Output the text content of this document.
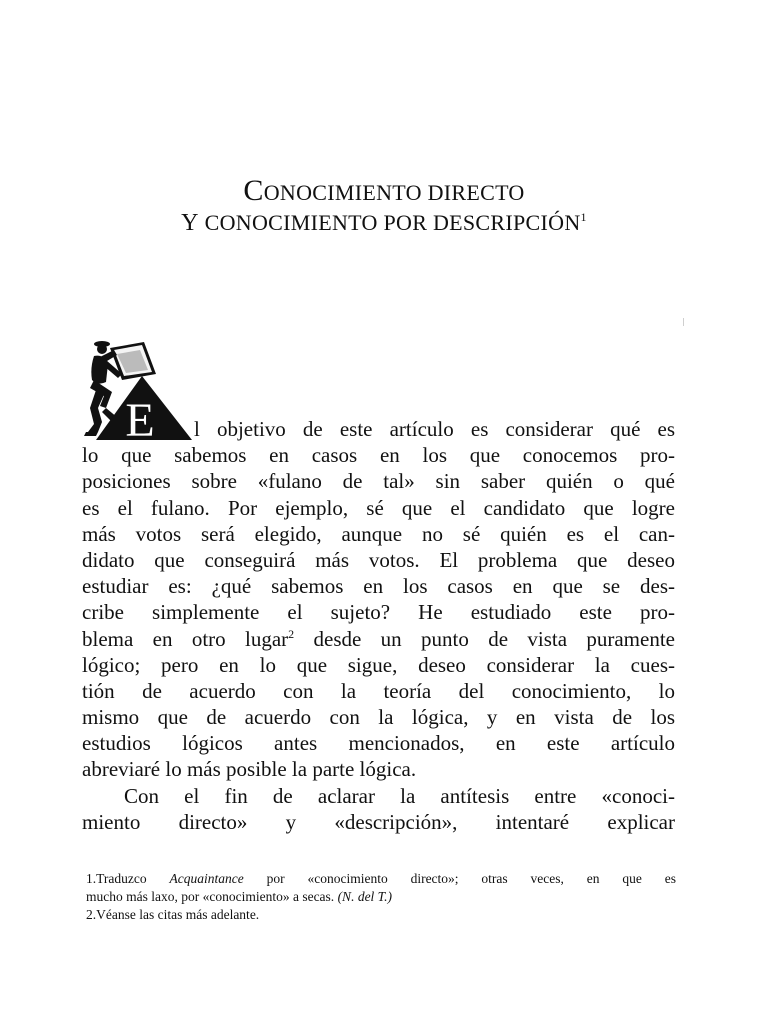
CONOCIMIENTO DIRECTO
Y CONOCIMIENTO POR DESCRIPCIÓN$^1$
E	l objetivo de este artículo es considerar qué es
lo que sabemos en casos en los que conocemos pro-
posiciones sobre «fulano de tal» sin saber quién o qué
es el fulano. Por ejemplo, sé que el candidato que logre
más votos será elegido, aunque no sé quién es el can-
didato que conseguirá más votos. El problema que deseo
estudiar es: ¿qué sabemos en los casos en que se des-
cribe simplemente el sujeto? He estudiado este pro-
blema en otro lugar$^2$ desde un punto de vista puramente
lógico; pero en lo que sigue, deseo considerar la cues-
tión de acuerdo con la teoría del conocimiento, lo
mismo que de acuerdo con la lógica, y en vista de los
estudios lógicos antes mencionados, en este artículo
abreviaré lo más posible la parte lógica.
Con el fin de aclarar la antítesis entre «conoci-
miento directo» y «descripción», intentaré explicar
1.Traduzco Acquaintance por «conocimiento directo»; otras veces, en que es
mucho más laxo, por «conocimiento» a secas. (N. del T.)
2.Véanse las citas más adelante.
